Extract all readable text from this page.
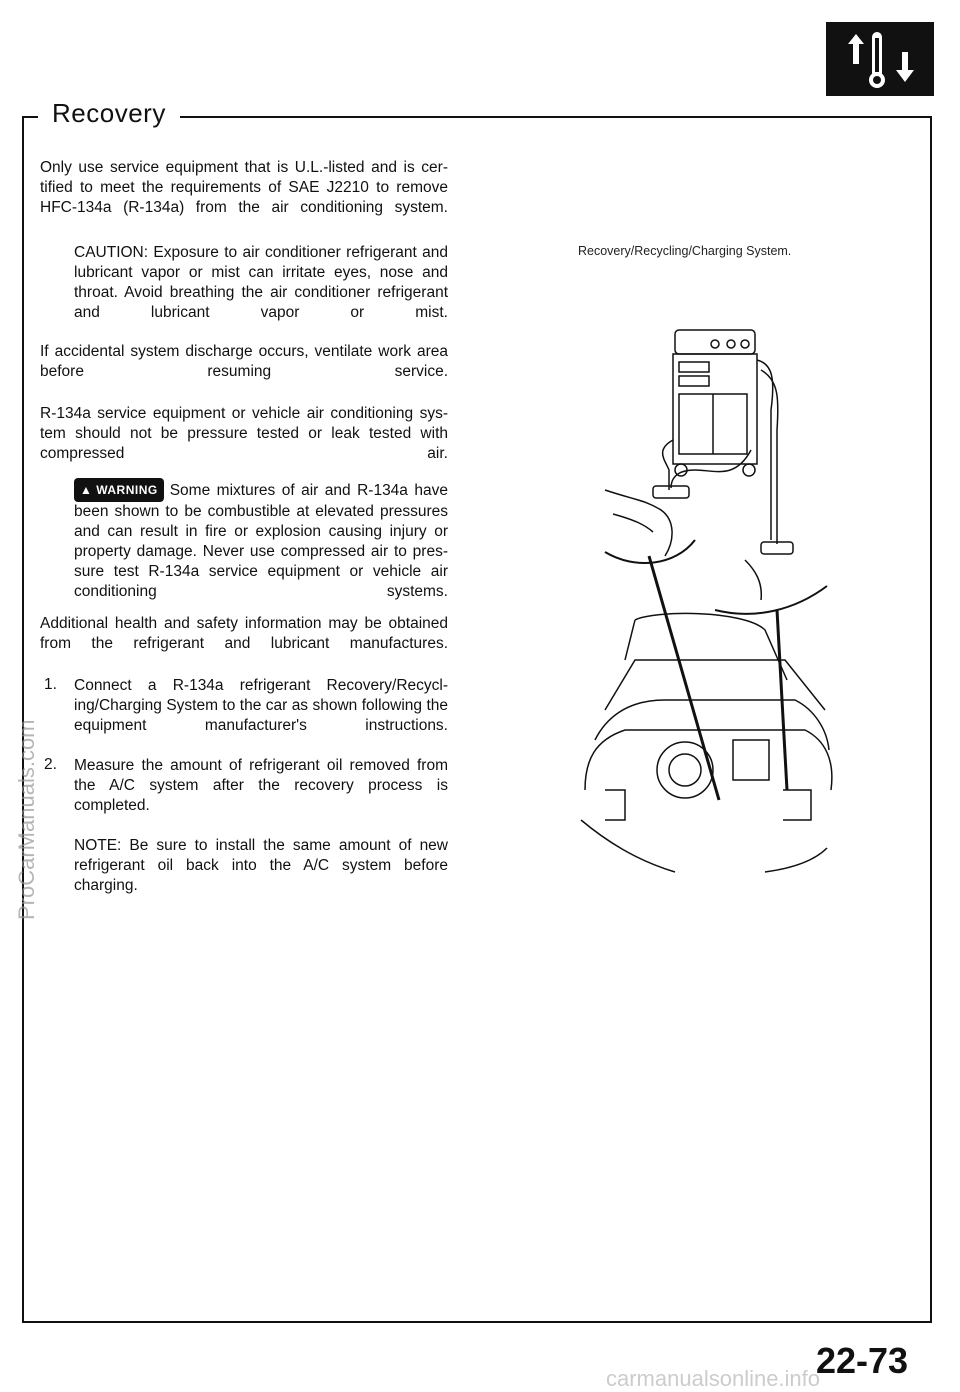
Recovery
Only use service equipment that is U.L.-listed and is cer- tified to meet the requirements of SAE J2210 to remove HFC-134a (R-134a) from the air conditioning system.
CAUTION: Exposure to air conditioner refrigerant and lubricant vapor or mist can irritate eyes, nose and throat. Avoid breathing the air conditioner refrigerant and lubricant vapor or mist.
If accidental system discharge occurs, ventilate work area before resuming service.
R-134a service equipment or vehicle air conditioning sys- tem should not be pressure tested or leak tested with compressed air.
▲ WARNING Some mixtures of air and R-134a have been shown to be combustible at elevated pressures and can result in fire or explosion causing injury or property damage. Never use compressed air to pres- sure test R-134a service equipment or vehicle air conditioning systems.
Additional health and safety information may be obtained from the refrigerant and lubricant manufactures.
1. Connect a R-134a refrigerant Recovery/Recycl- ing/Charging System to the car as shown following the equipment manufacturer's instructions.
2. Measure the amount of refrigerant oil removed from the A/C system after the recovery process is completed.
NOTE: Be sure to install the same amount of new refrigerant oil back into the A/C system before charging.
Recovery/Recycling/Charging System.
ProCarManuals.com
22-73
carmanualsonline.info
